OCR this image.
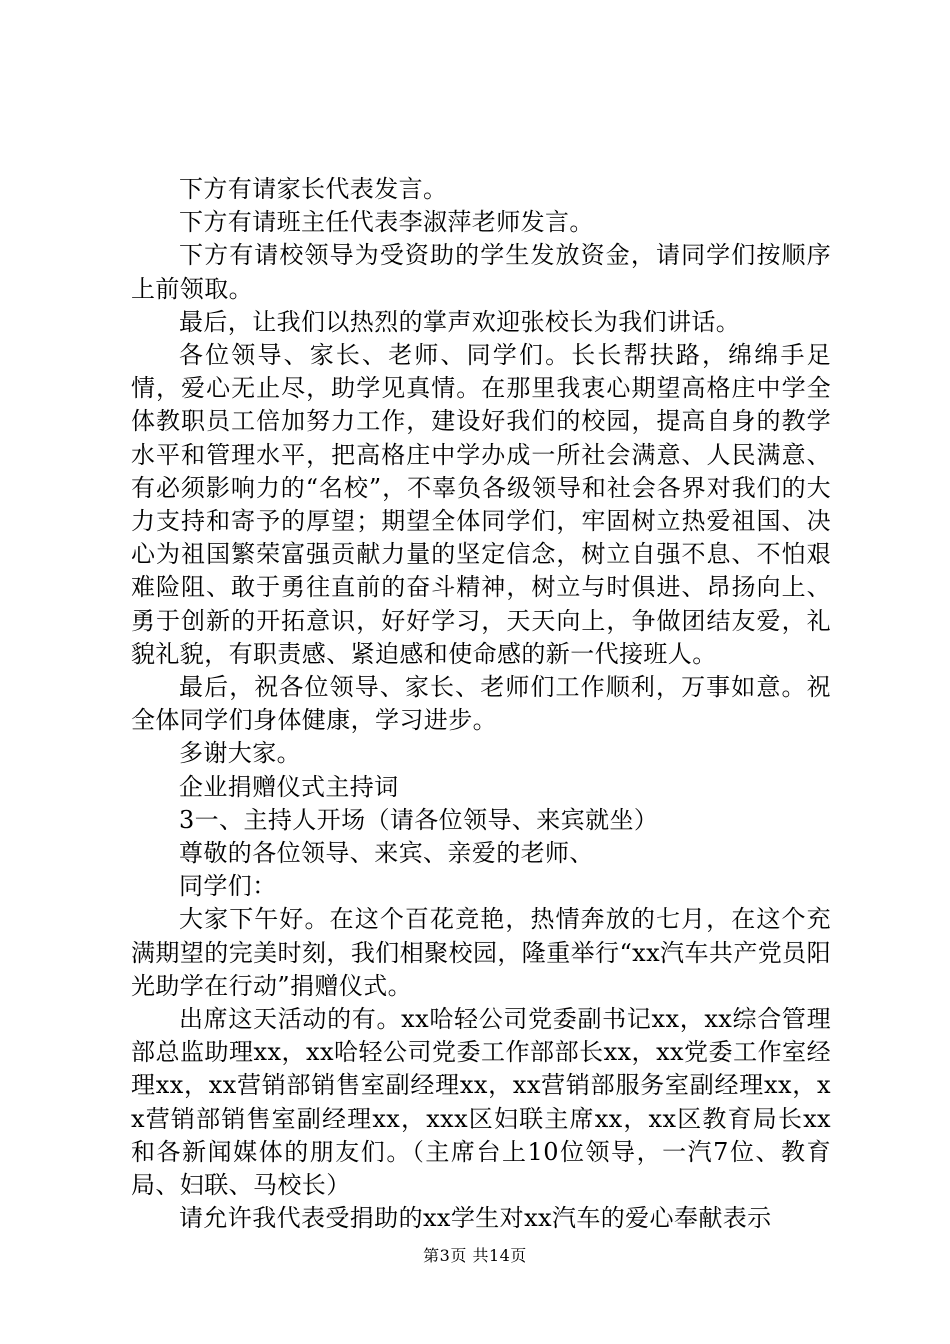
下方有请家长代表发言。

下方有请班主任代表李淑萍老师发言。

下方有请校领导为受资助的学生发放资金，请同学们按顺序上前领取。

最后，让我们以热烈的掌声欢迎张校长为我们讲话。

各位领导、家长、老师、同学们。长长帮扶路，绵绵手足情，爱心无止尽，助学见真情。在那里我衷心期望高格庄中学全体教职员工倍加努力工作，建设好我们的校园，提高自身的教学水平和管理水平，把高格庄中学办成一所社会满意、人民满意、有必须影响力的“名校”，不辜负各级领导和社会各界对我们的大力支持和寄予的厚望；期望全体同学们，牢固树立热爱祖国、决心为祖国繁荣富强贡献力量的坚定信念，树立自强不息、不怕艰难险阻、敢于勇往直前的奋斗精神，树立与时俱进、昂扬向上、勇于创新的开拓意识，好好学习，天天向上，争做团结友爱，礼貌礼貌，有职责感、紧迫感和使命感的新一代接班人。

最后，祝各位领导、家长、老师们工作顺利，万事如意。祝全体同学们身体健康，学习进步。

多谢大家。

企业捐赠仪式主持词

3一、主持人开场（请各位领导、来宾就坐）

尊敬的各位领导、来宾、亲爱的老师、

同学们：

大家下午好。在这个百花竞艳，热情奔放的七月，在这个充满期望的完美时刻，我们相聚校园，隆重举行“xx汽车共产党员阳光助学在行动”捐赠仪式。

出席这天活动的有。xx哈轻公司党委副书记xx，xx综合管理部总监助理xx，xx哈轻公司党委工作部部长xx，xx党委工作室经理xx，xx营销部销售室副经理xx，xx营销部服务室副经理xx，xx营销部销售室副经理xx，xxx区妇联主席xx，xx区教育局长xx和各新闻媒体的朋友们。（主席台上10位领导，一汽7位、教育局、妇联、马校长）

请允许我代表受捐助的xx学生对xx汽车的爱心奉献表示

第3页 共14页
